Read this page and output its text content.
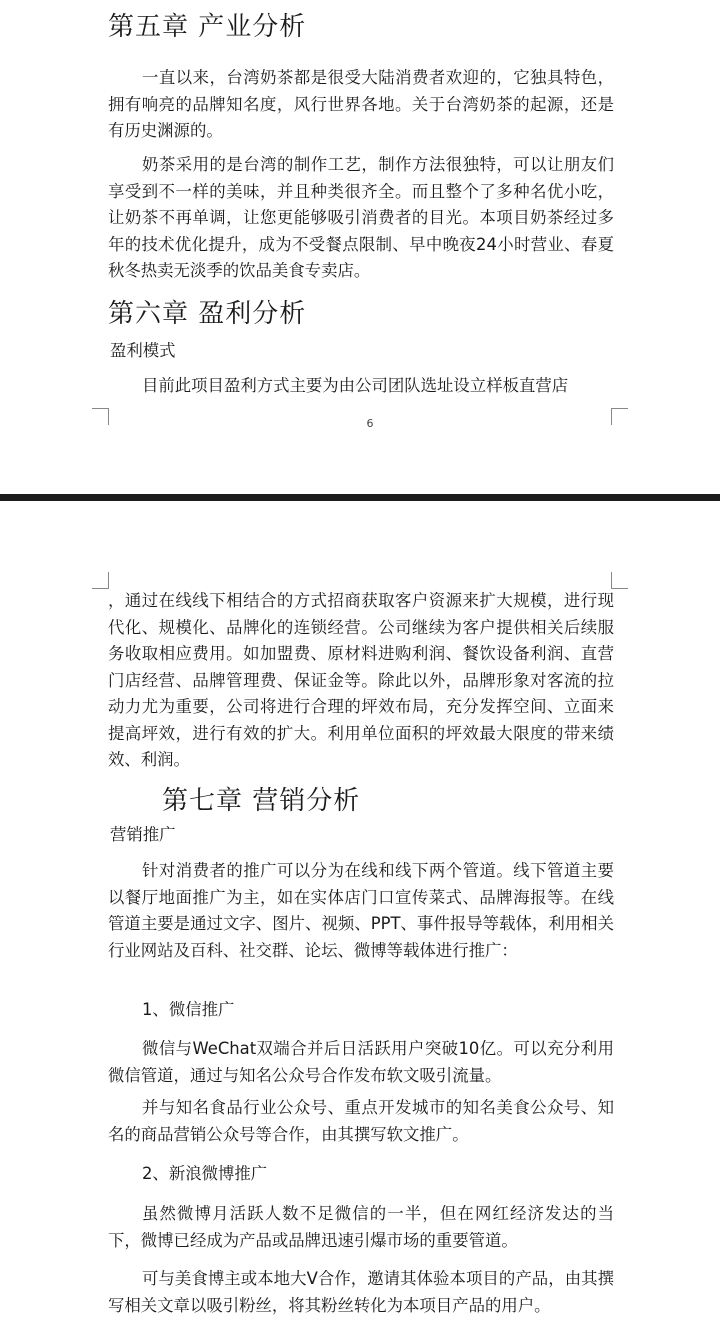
第五章 产业分析

一直以来，台湾奶茶都是很受大陆消费者欢迎的，它独具特色，拥有响亮的品牌知名度，风行世界各地。关于台湾奶茶的起源，还是有历史渊源的。

奶茶采用的是台湾的制作工艺，制作方法很独特，可以让朋友们享受到不一样的美味，并且种类很齐全。而且整个了多种名优小吃，让奶茶不再单调，让您更能够吸引消费者的目光。本项目奶茶经过多年的技术优化提升，成为不受餐点限制、早中晚夜24小时营业、春夏秋冬热卖无淡季的饮品美食专卖店。

第六章 盈利分析

盈利模式

目前此项目盈利方式主要为由公司团队选址设立样板直营店

6

，通过在线线下相结合的方式招商获取客户资源来扩大规模，进行现代化、规模化、品牌化的连锁经营。公司继续为客户提供相关后续服务收取相应费用。如加盟费、原材料进购利润、餐饮设备利润、直营门店经营、品牌管理费、保证金等。除此以外，品牌形象对客流的拉动力尤为重要，公司将进行合理的坪效布局，充分发挥空间、立面来提高坪效，进行有效的扩大。利用单位面积的坪效最大限度的带来绩效、利润。

第七章 营销分析

营销推广

针对消费者的推广可以分为在线和线下两个管道。线下管道主要以餐厅地面推广为主，如在实体店门口宣传菜式、品牌海报等。在线管道主要是通过文字、图片、视频、PPT、事件报导等载体，利用相关行业网站及百科、社交群、论坛、微博等载体进行推广：

1、微信推广

微信与WeChat双端合并后日活跃用户突破10亿。可以充分利用微信管道，通过与知名公众号合作发布软文吸引流量。

并与知名食品行业公众号、重点开发城市的知名美食公众号、知名的商品营销公众号等合作，由其撰写软文推广。

2、新浪微博推广

虽然微博月活跃人数不足微信的一半，但在网红经济发达的当下，微博已经成为产品或品牌迅速引爆市场的重要管道。

可与美食博主或本地大V合作，邀请其体验本项目的产品，由其撰写相关文章以吸引粉丝，将其粉丝转化为本项目产品的用户。
